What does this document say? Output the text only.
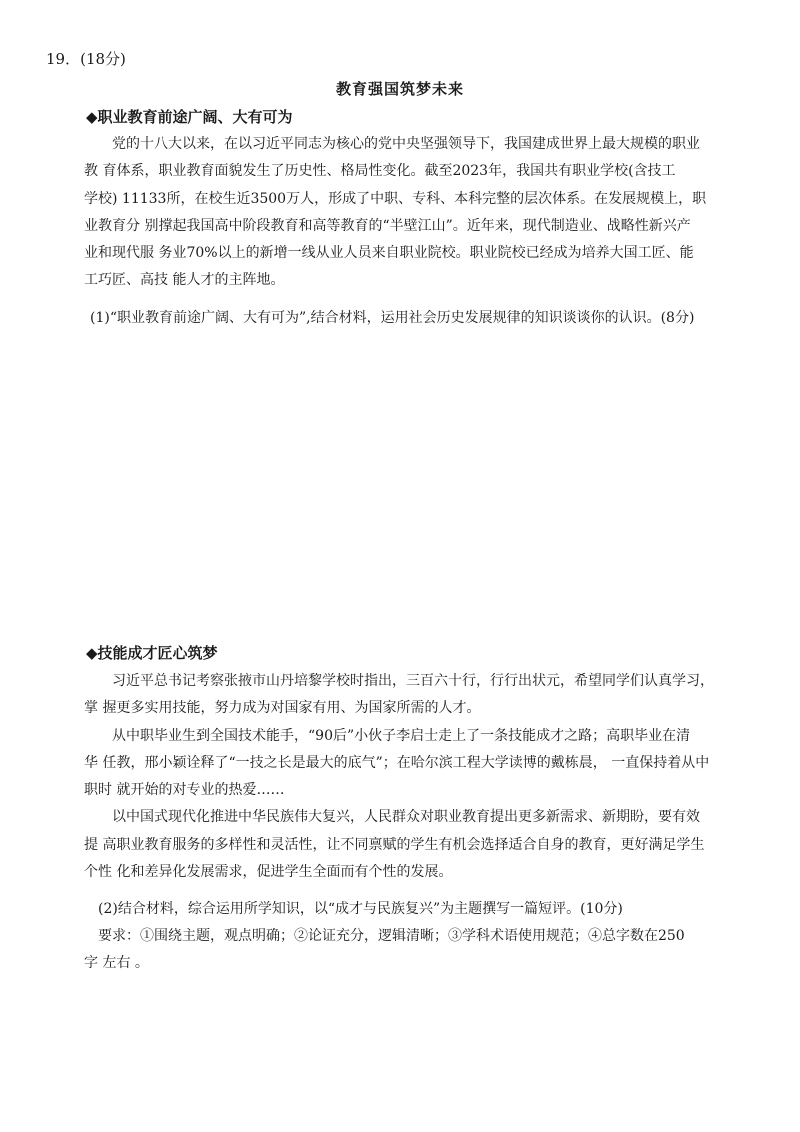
19．(18分)
教育强国筑梦未来
◆职业教育前途广阔、大有可为

　　党的十八大以来，在以习近平同志为核心的党中央坚强领导下，我国建成世界上最大规模的职业

教 育体系，职业教育面貌发生了历史性、格局性变化。截至2023年，我国共有职业学校(含技工

学校) 11133所，在校生近3500万人，形成了中职、专科、本科完整的层次体系。在发展规模上，职

业教育分 别撑起我国高中阶段教育和高等教育的“半壁江山”。近年来，现代制造业、战略性新兴产

业和现代服 务业70%以上的新增一线从业人员来自职业院校。职业院校已经成为培养大国工匠、能

工巧匠、高技 能人才的主阵地。

(1)“职业教育前途广阔、大有可为”,结合材料，运用社会历史发展规律的知识谈谈你的认识。(8分)
◆技能成才匠心筑梦

　　习近平总书记考察张掖市山丹培黎学校时指出，三百六十行，行行出状元，希望同学们认真学习，

掌 握更多实用技能，努力成为对国家有用、为国家所需的人才。

　　从中职毕业生到全国技术能手，“90后”小伙子李启士走上了一条技能成才之路；高职毕业在清

华 任教，邢小颖诠释了“一技之长是最大的底气”；在哈尔滨工程大学读博的戴栋晨， 一直保持着从中

职时 就开始的对专业的热爱……

　　以中国式现代化推进中华民族伟大复兴，人民群众对职业教育提出更多新需求、新期盼，要有效

提 高职业教育服务的多样性和灵活性，让不同禀赋的学生有机会选择适合自身的教育，更好满足学生

个性 化和差异化发展需求，促进学生全面而有个性的发展。

(2)结合材料，综合运用所学知识，以“成才与民族复兴”为主题撰写一篇短评。(10分)
要求：①围绕主题，观点明确；②论证充分，逻辑清晰；③学科术语使用规范；④总字数在250
字 左右 。
